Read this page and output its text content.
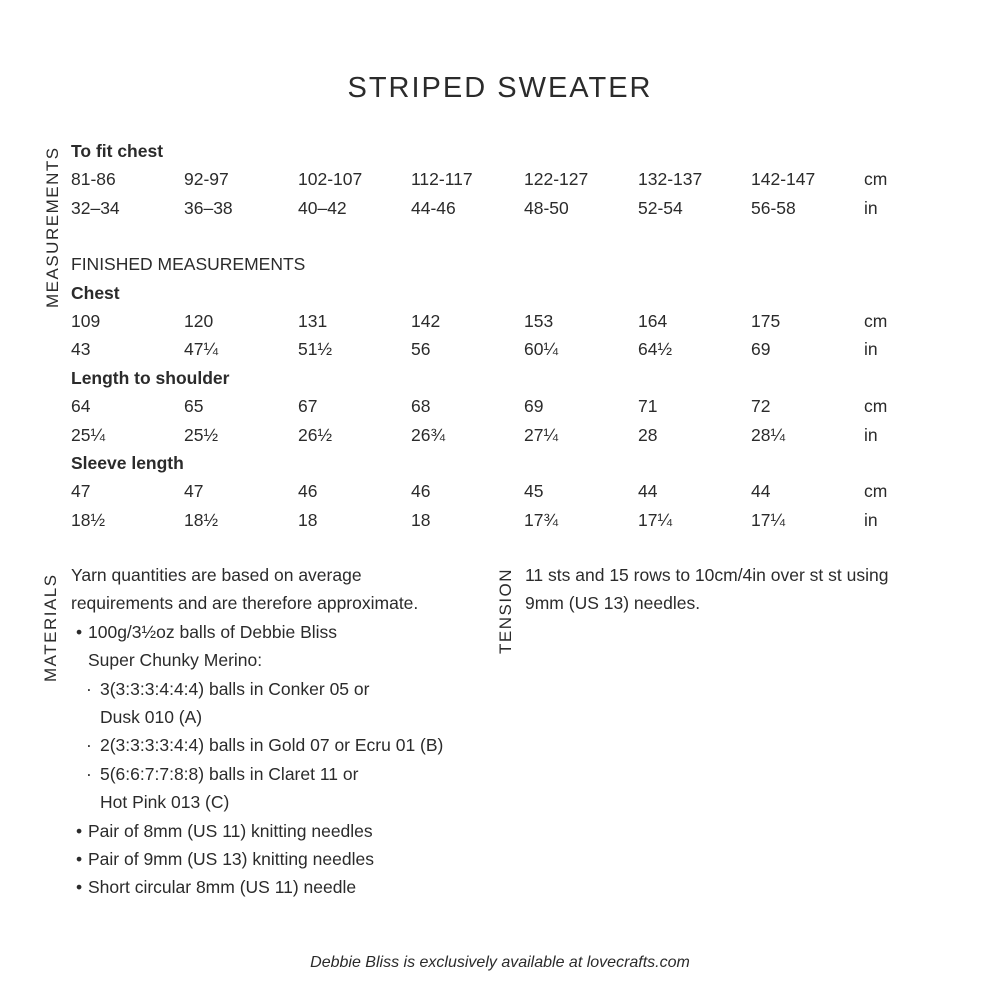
STRIPED SWEATER
MEASUREMENTS
MATERIALS	TENSION
To fit chest
81-86	92-97	102-107	112-117	122-127	132-137	142-147	cm
32–34	36–38	40–42	44-46	48-50	52-54	56-58	in
FINISHED MEASUREMENTS
Chest
109	120	131	142	153	164	175	cm
43	47¼	51½	56	60¼	64½	69	in
Length to shoulder
64	65	67	68	69	71	72	cm
25¼	25½	26½	26¾	27¼	28	28¼	in
Sleeve length
47	47	46	46	45	44	44	cm
18½	18½	18	18	17¾	17¼	17¼	in
Yarn quantities are based on average
requirements and are therefore approximate.
• 100g/3½oz balls of Debbie Bliss
Super Chunky Merino:
· 3(3:3:3:4:4:4) balls in Conker 05 or
Dusk 010 (A)
· 2(3:3:3:3:4:4) balls in Gold 07 or Ecru 01 (B)
· 5(6:6:7:7:8:8) balls in Claret 11 or
Hot Pink 013 (C)
• Pair of 8mm (US 11) knitting needles
• Pair of 9mm (US 13) knitting needles
• Short circular 8mm (US 11) needle
11 sts and 15 rows to 10cm/4in over st st using
9mm (US 13) needles.
Debbie Bliss is exclusively available at lovecrafts.com
